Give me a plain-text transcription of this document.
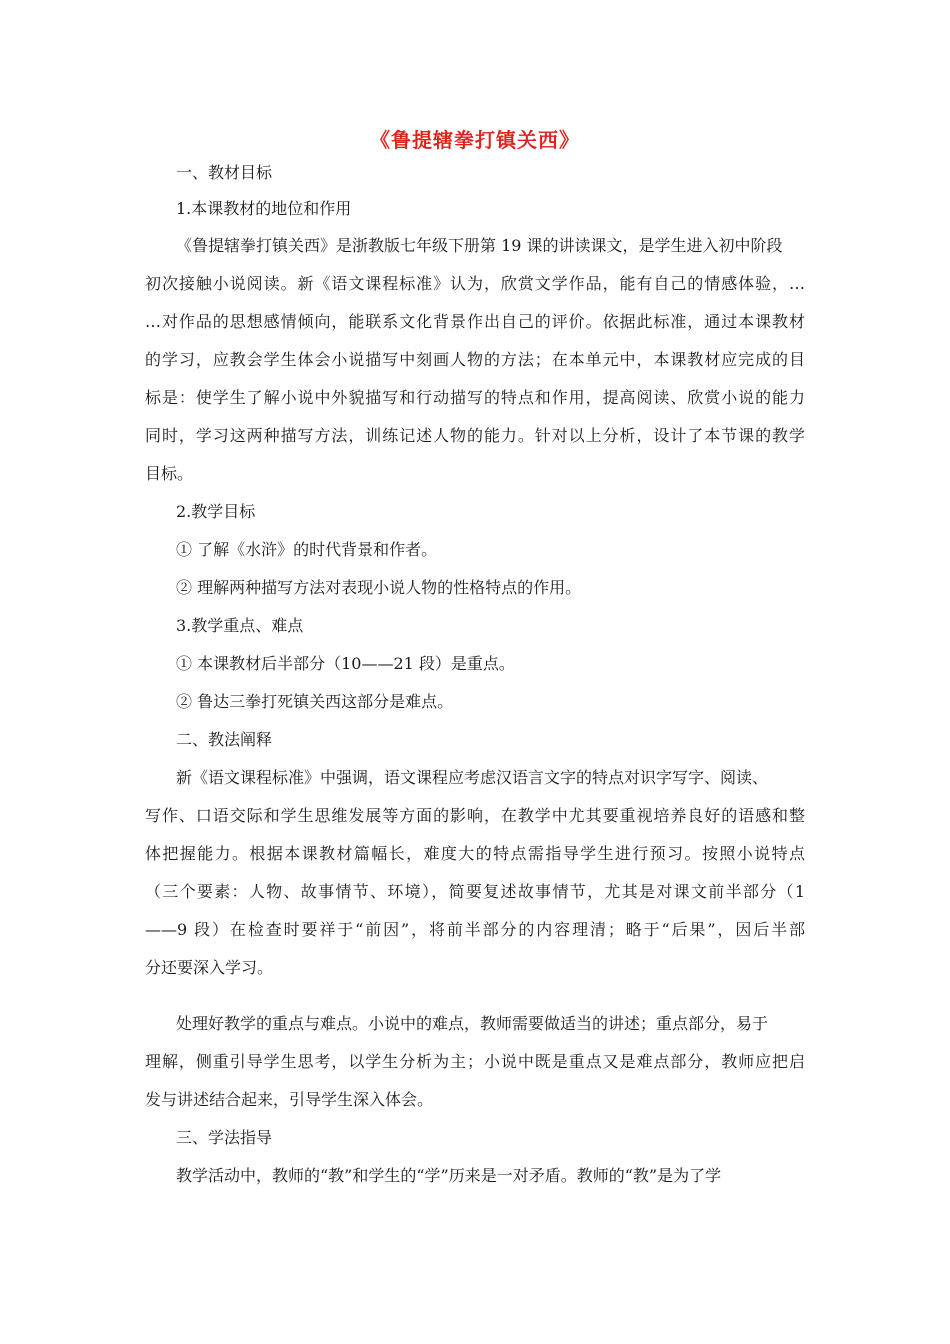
《鲁提辖拳打镇关西》
一、教材目标
1.本课教材的地位和作用
《鲁提辖拳打镇关西》是浙教版七年级下册第 19 课的讲读课文，是学生进入初中阶段
初次接触小说阅读。新《语文课程标准》认为，欣赏文学作品，能有自己的情感体验，…
…对作品的思想感情倾向，能联系文化背景作出自己的评价。依据此标准，通过本课教材
的学习，应教会学生体会小说描写中刻画人物的方法；在本单元中，本课教材应完成的目
标是：使学生了解小说中外貌描写和行动描写的特点和作用，提高阅读、欣赏小说的能力
同时，学习这两种描写方法，训练记述人物的能力。针对以上分析，设计了本节课的教学
目标。
2.教学目标
① 了解《水浒》的时代背景和作者。
② 理解两种描写方法对表现小说人物的性格特点的作用。
3.教学重点、难点
① 本课教材后半部分（10——21 段）是重点。
② 鲁达三拳打死镇关西这部分是难点。
二、教法阐释
新《语文课程标准》中强调，语文课程应考虑汉语言文字的特点对识字写字、阅读、
写作、口语交际和学生思维发展等方面的影响，在教学中尤其要重视培养良好的语感和整
体把握能力。根据本课教材篇幅长，难度大的特点需指导学生进行预习。按照小说特点
（三个要素：人物、故事情节、环境），简要复述故事情节，尤其是对课文前半部分（1
——9 段）在检查时要祥于“前因”，将前半部分的内容理清；略于“后果”，因后半部
分还要深入学习。
处理好教学的重点与难点。小说中的难点，教师需要做适当的讲述；重点部分，易于
理解，侧重引导学生思考，以学生分析为主；小说中既是重点又是难点部分，教师应把启
发与讲述结合起来，引导学生深入体会。
三、学法指导
教学活动中，教师的“教”和学生的“学”历来是一对矛盾。教师的“教”是为了学
